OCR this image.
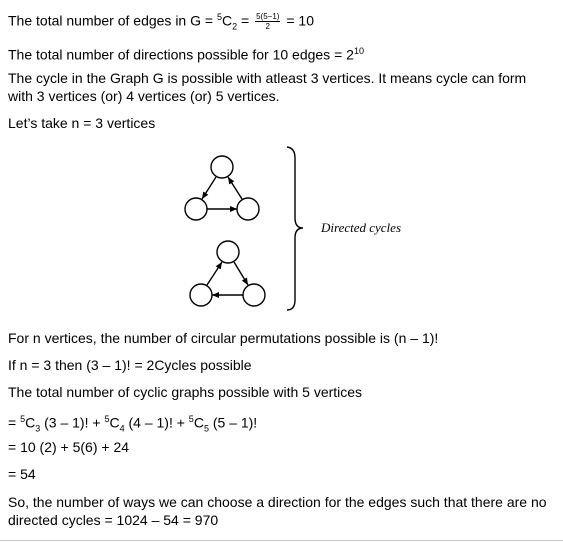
The total number of edges in $G = ^5C_2 = \frac{5(5-1)}{2} = 10$
The total number of directions possible for 10 edges = $2^{10}$
The cycle in the Graph G is possible with atleast 3 vertices. It means cycle can form
with 3 vertices (or) 4 vertices (or) 5 vertices.
Let’s take n = 3 vertices
Directed cycles
For n vertices, the number of circular permutations possible is (n – 1)!
If n = 3 then (3 – 1)! = 2Cycles possible
The total number of cyclic graphs possible with 5 vertices
= $^5C_3$ (3 – 1)! + $^5C_4$ (4 – 1)! + $^5C_5$ (5 – 1)!
= 10 (2) + 5(6) + 24
= 54
So, the number of ways we can choose a direction for the edges such that there are no
directed cycles = 1024 – 54 = 970
